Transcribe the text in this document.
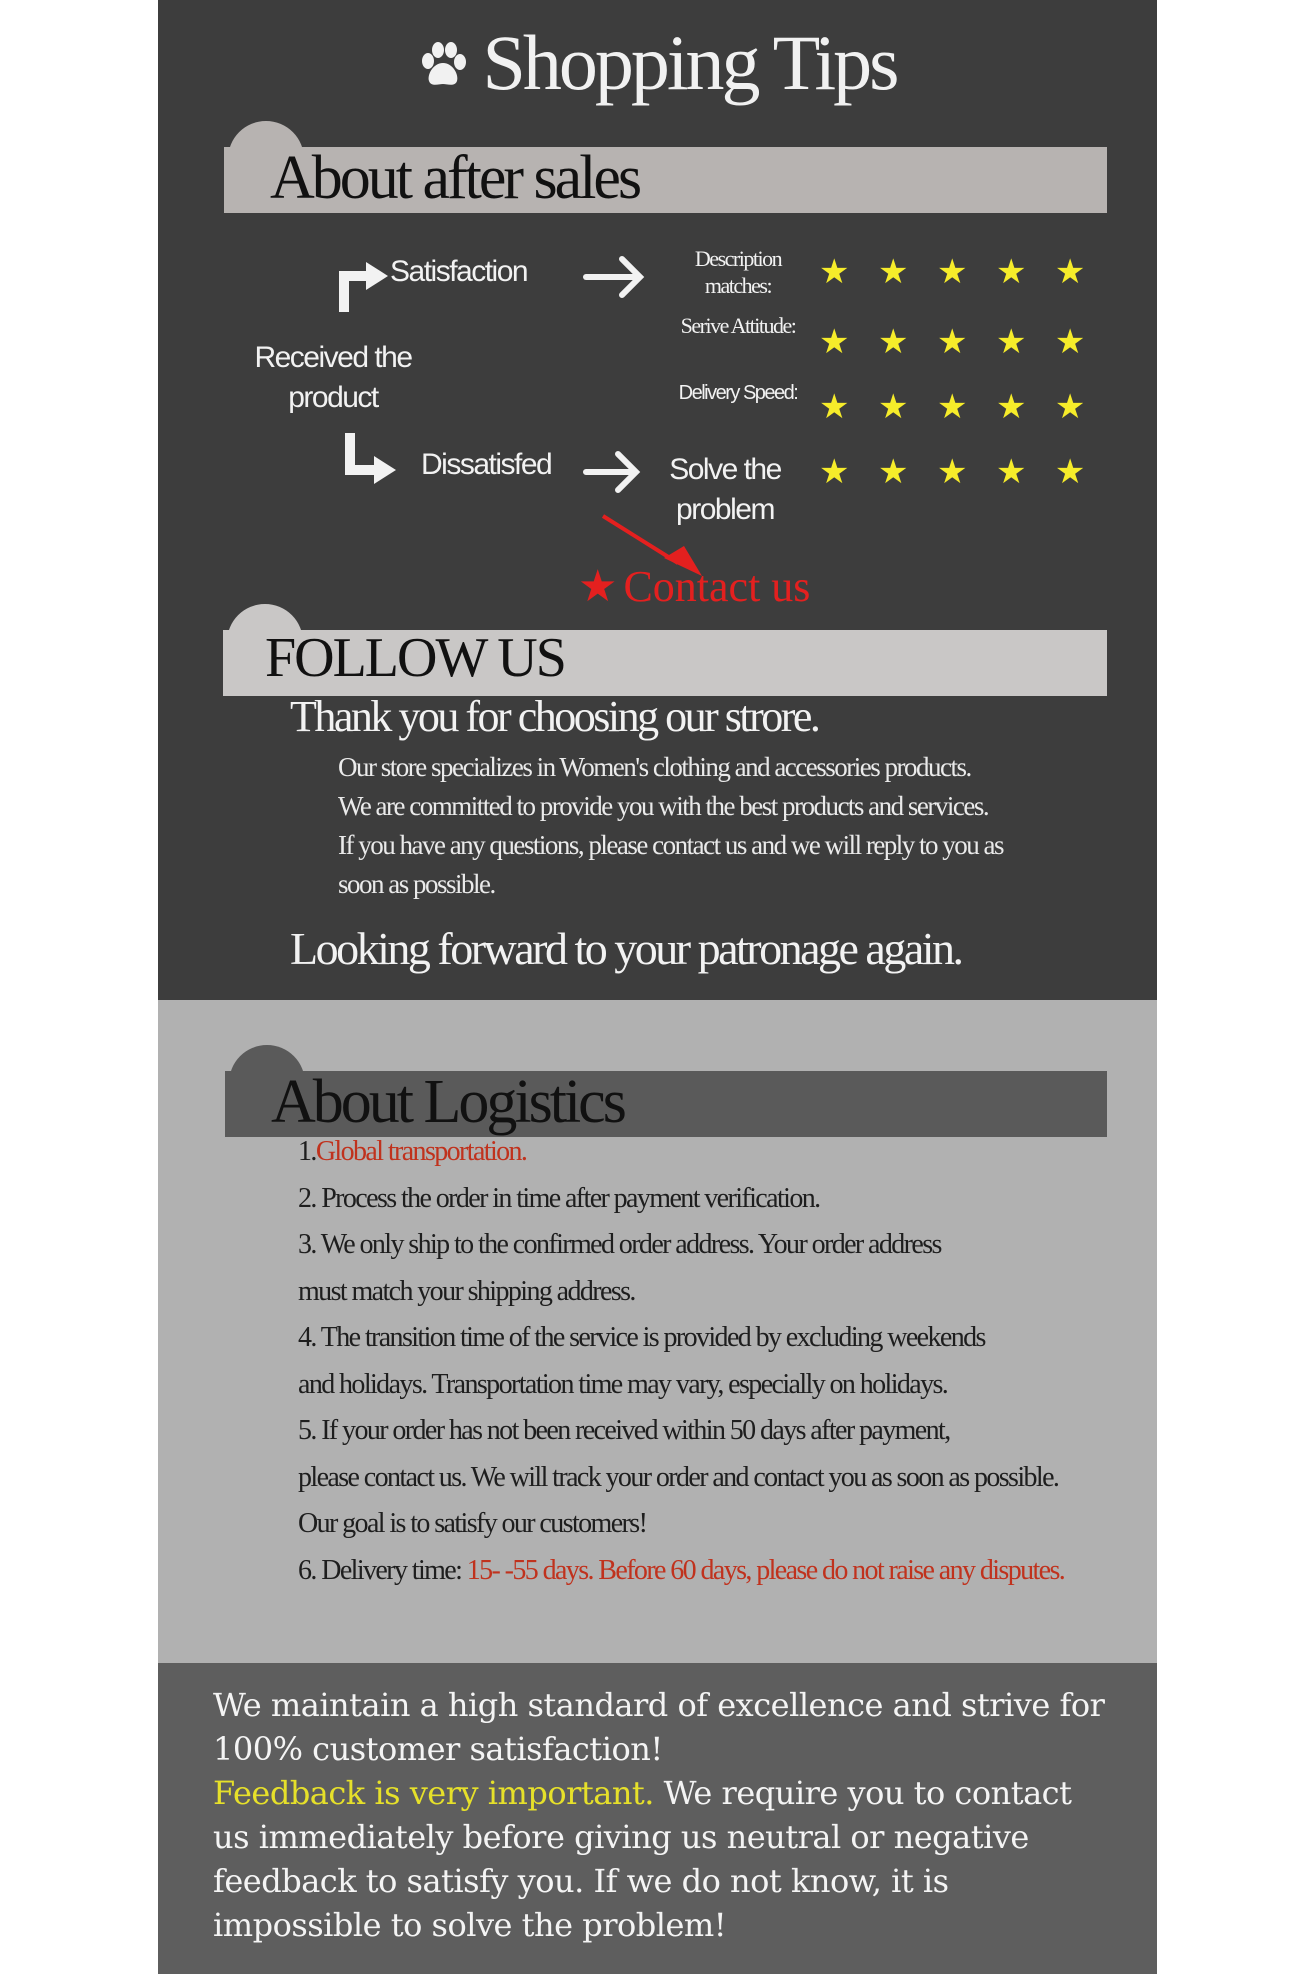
Shopping Tips
About after sales
Satisfaction
Received the product
Dissatisfed	Solve the problem
Description matches:
Serive Attitude:
Delivery Speed:
★ ★ ★ ★ ★
★ ★ ★ ★ ★
★ ★ ★ ★ ★
★ ★ ★ ★ ★
★ Contact us
FOLLOW US
Thank you for choosing our strore.
Our store specializes in Women's clothing and accessories products.
We are committed to provide you with the best products and services.
If you have any questions, please contact us and we will reply to you as
soon as possible.
Looking forward to your patronage again.
About Logistics
1.Global transportation.
2. Process the order in time after payment verification.
3. We only ship to the confirmed order address. Your order address
must match your shipping address.
4. The transition time of the service is provided by excluding weekends
and holidays. Transportation time may vary, especially on holidays.
5. If your order has not been received within 50 days after payment,
please contact us. We will track your order and contact you as soon as possible.
Our goal is to satisfy our customers!
6. Delivery time: 15- -55 days. Before 60 days, please do not raise any disputes.
We maintain a high standard of excellence and strive for 100% customer satisfaction!
Feedback is very important. We require you to contact us immediately before giving us neutral or negative feedback to satisfy you. If we do not know, it is impossible to solve the problem!
